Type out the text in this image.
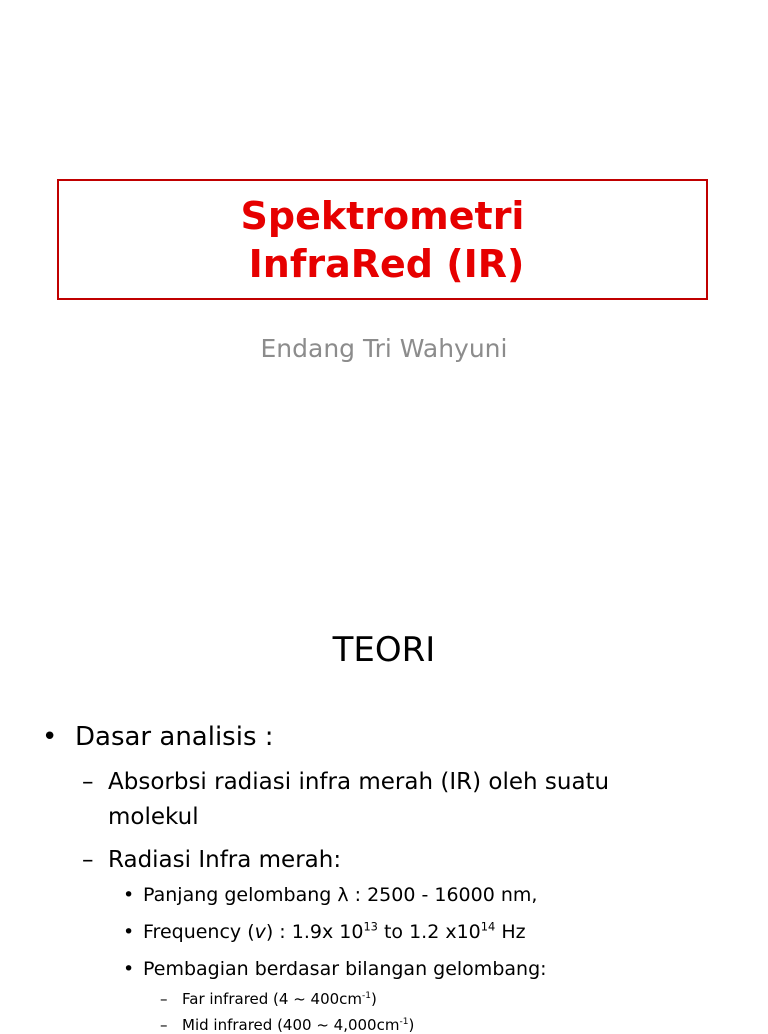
Spektrometri
InfraRed (IR)
Endang Tri Wahyuni
TEORI
• Dasar analisis :
– Absorbsi radiasi infra merah (IR) oleh suatu
molekul
– Radiasi Infra merah:
• Panjang gelombang λ : 2500 - 16000 nm,
• Frequency (v) : 1.9x $10^{13}$ to 1.2 $x10^{14}$ Hz
• Pembagian berdasar bilangan gelombang:
– Far infrared (4 ~ $400cm^{-1}$)
– Mid infrared (400 ~ $4,000cm^{-1}$)
